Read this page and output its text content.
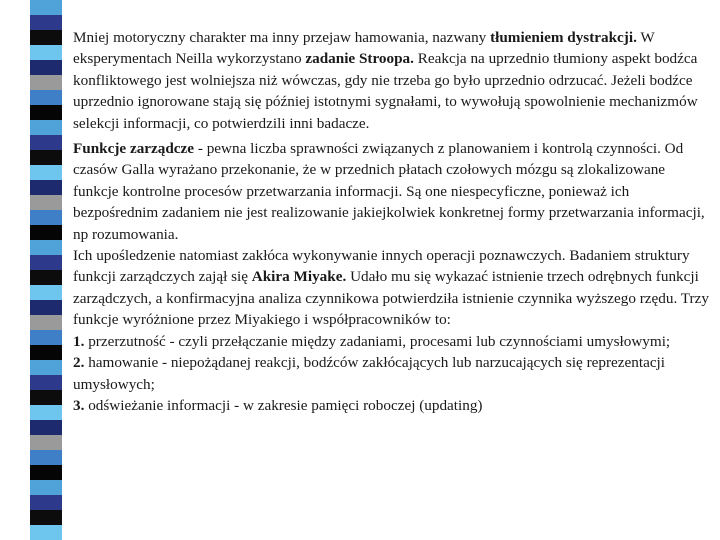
Mniej motoryczny charakter ma inny przejaw hamowania, nazwany tłumieniem dystrakcji. W eksperymentach Neilla wykorzystano zadanie Stroopa. Reakcja na uprzednio tłumiony aspekt bodźca konfliktowego jest wolniejsza niż wówczas, gdy nie trzeba go było uprzednio odrzucać. Jeżeli bodźce uprzednio ignorowane stają się później istotnymi sygnałami, to wywołują spowolnienie mechanizmów selekcji informacji, co potwierdzili inni badacze.

Funkcje zarządcze - pewna liczba sprawności związanych z planowaniem i kontrolą czynności. Od czasów Galla wyrażano przekonanie, że w przednich płatach czołowych mózgu są zlokalizowane funkcje kontrolne procesów przetwarzania informacji. Są one niespecyficzne, ponieważ ich bezpośrednim zadaniem nie jest realizowanie jakiejkolwiek konkretnej formy przetwarzania informacji, np rozumowania.
Ich upośledzenie natomiast zakłóca wykonywanie innych operacji poznawczych. Badaniem struktury funkcji zarządczych zajął się Akira Miyake. Udało mu się wykazać istnienie trzech odrębnych funkcji zarządczych, a konfirmacyjna analiza czynnikowa potwierdziła istnienie czynnika wyższego rzędu. Trzy funkcje wyróżnione przez Miyakiego i współpracowników to:
1. przerzutność - czyli przełączanie między zadaniami, procesami lub czynnościami umysłowymi;
2. hamowanie - niepożądanej reakcji, bodźców zakłócających lub narzucających się reprezentacji umysłowych;
3. odświeżanie informacji - w zakresie pamięci roboczej (updating)
